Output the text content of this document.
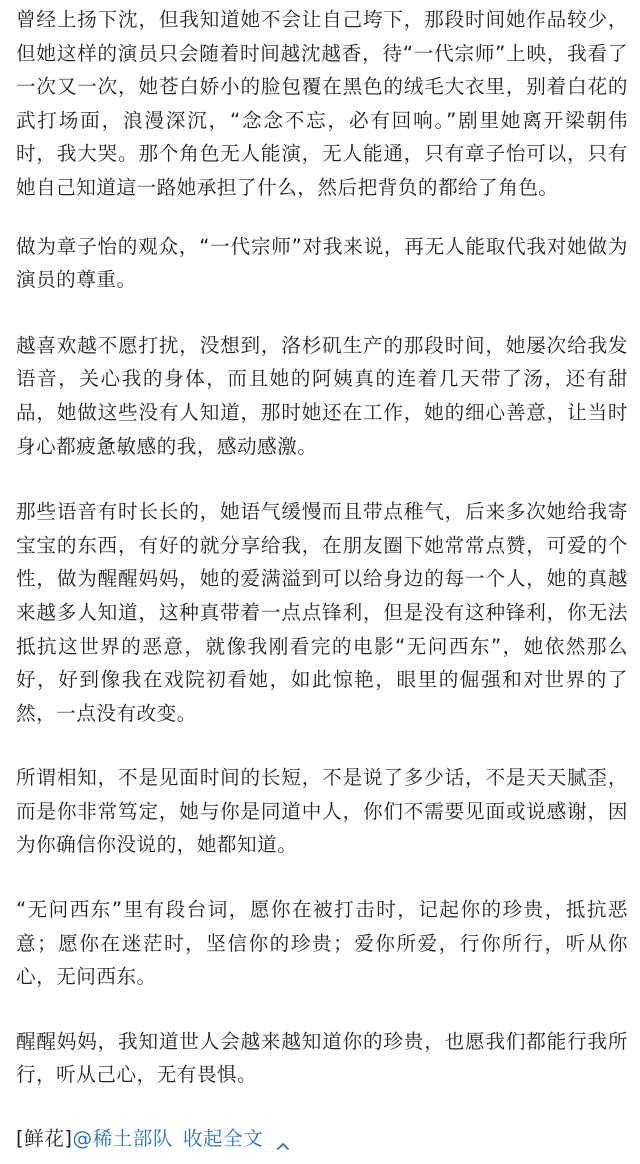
曾经上扬下沈，但我知道她不会让自己垮下，那段时间她作品较少，但她这样的演员只会随着时间越沈越香，待“一代宗师”上映，我看了一次又一次，她苍白娇小的脸包覆在黑色的绒毛大衣里，别着白花的武打场面，浪漫深沉，“念念不忘，必有回响。”剧里她离开梁朝伟时，我大哭。那个角色无人能演，无人能通，只有章子怡可以，只有她自己知道這一路她承担了什么，然后把背负的都给了角色。

做为章子怡的观众，“一代宗师”对我来说，再无人能取代我对她做为演员的尊重。

越喜欢越不愿打扰，没想到，洛杉矶生产的那段时间，她屡次给我发语音，关心我的身体，而且她的阿姨真的连着几天带了汤，还有甜品，她做这些没有人知道，那时她还在工作，她的细心善意，让当时身心都疲惫敏感的我，感动感激。

那些语音有时长长的，她语气缓慢而且带点稚气，后来多次她给我寄宝宝的东西，有好的就分享给我，在朋友圈下她常常点赞，可爱的个性，做为醒醒妈妈，她的爱满溢到可以给身边的每一个人，她的真越来越多人知道，这种真带着一点点锋利，但是没有这种锋利，你无法抵抗这世界的恶意，就像我刚看完的电影“无问西东”，她依然那么好，好到像我在戏院初看她，如此惊艳，眼里的倔强和对世界的了然，一点没有改变。

所谓相知，不是见面时间的长短，不是说了多少话，不是天天腻歪，而是你非常笃定，她与你是同道中人，你们不需要见面或说感谢，因为你确信你没说的，她都知道。

“无问西东”里有段台词，愿你在被打击时，记起你的珍贵，抵抗恶意；愿你在迷茫时，坚信你的珍贵；爱你所爱，行你所行，听从你心，无问西东。

醒醒妈妈，我知道世人会越来越知道你的珍贵，也愿我们都能行我所行，听从己心，无有畏惧。

[鲜花] @稀土部队 收起全文
